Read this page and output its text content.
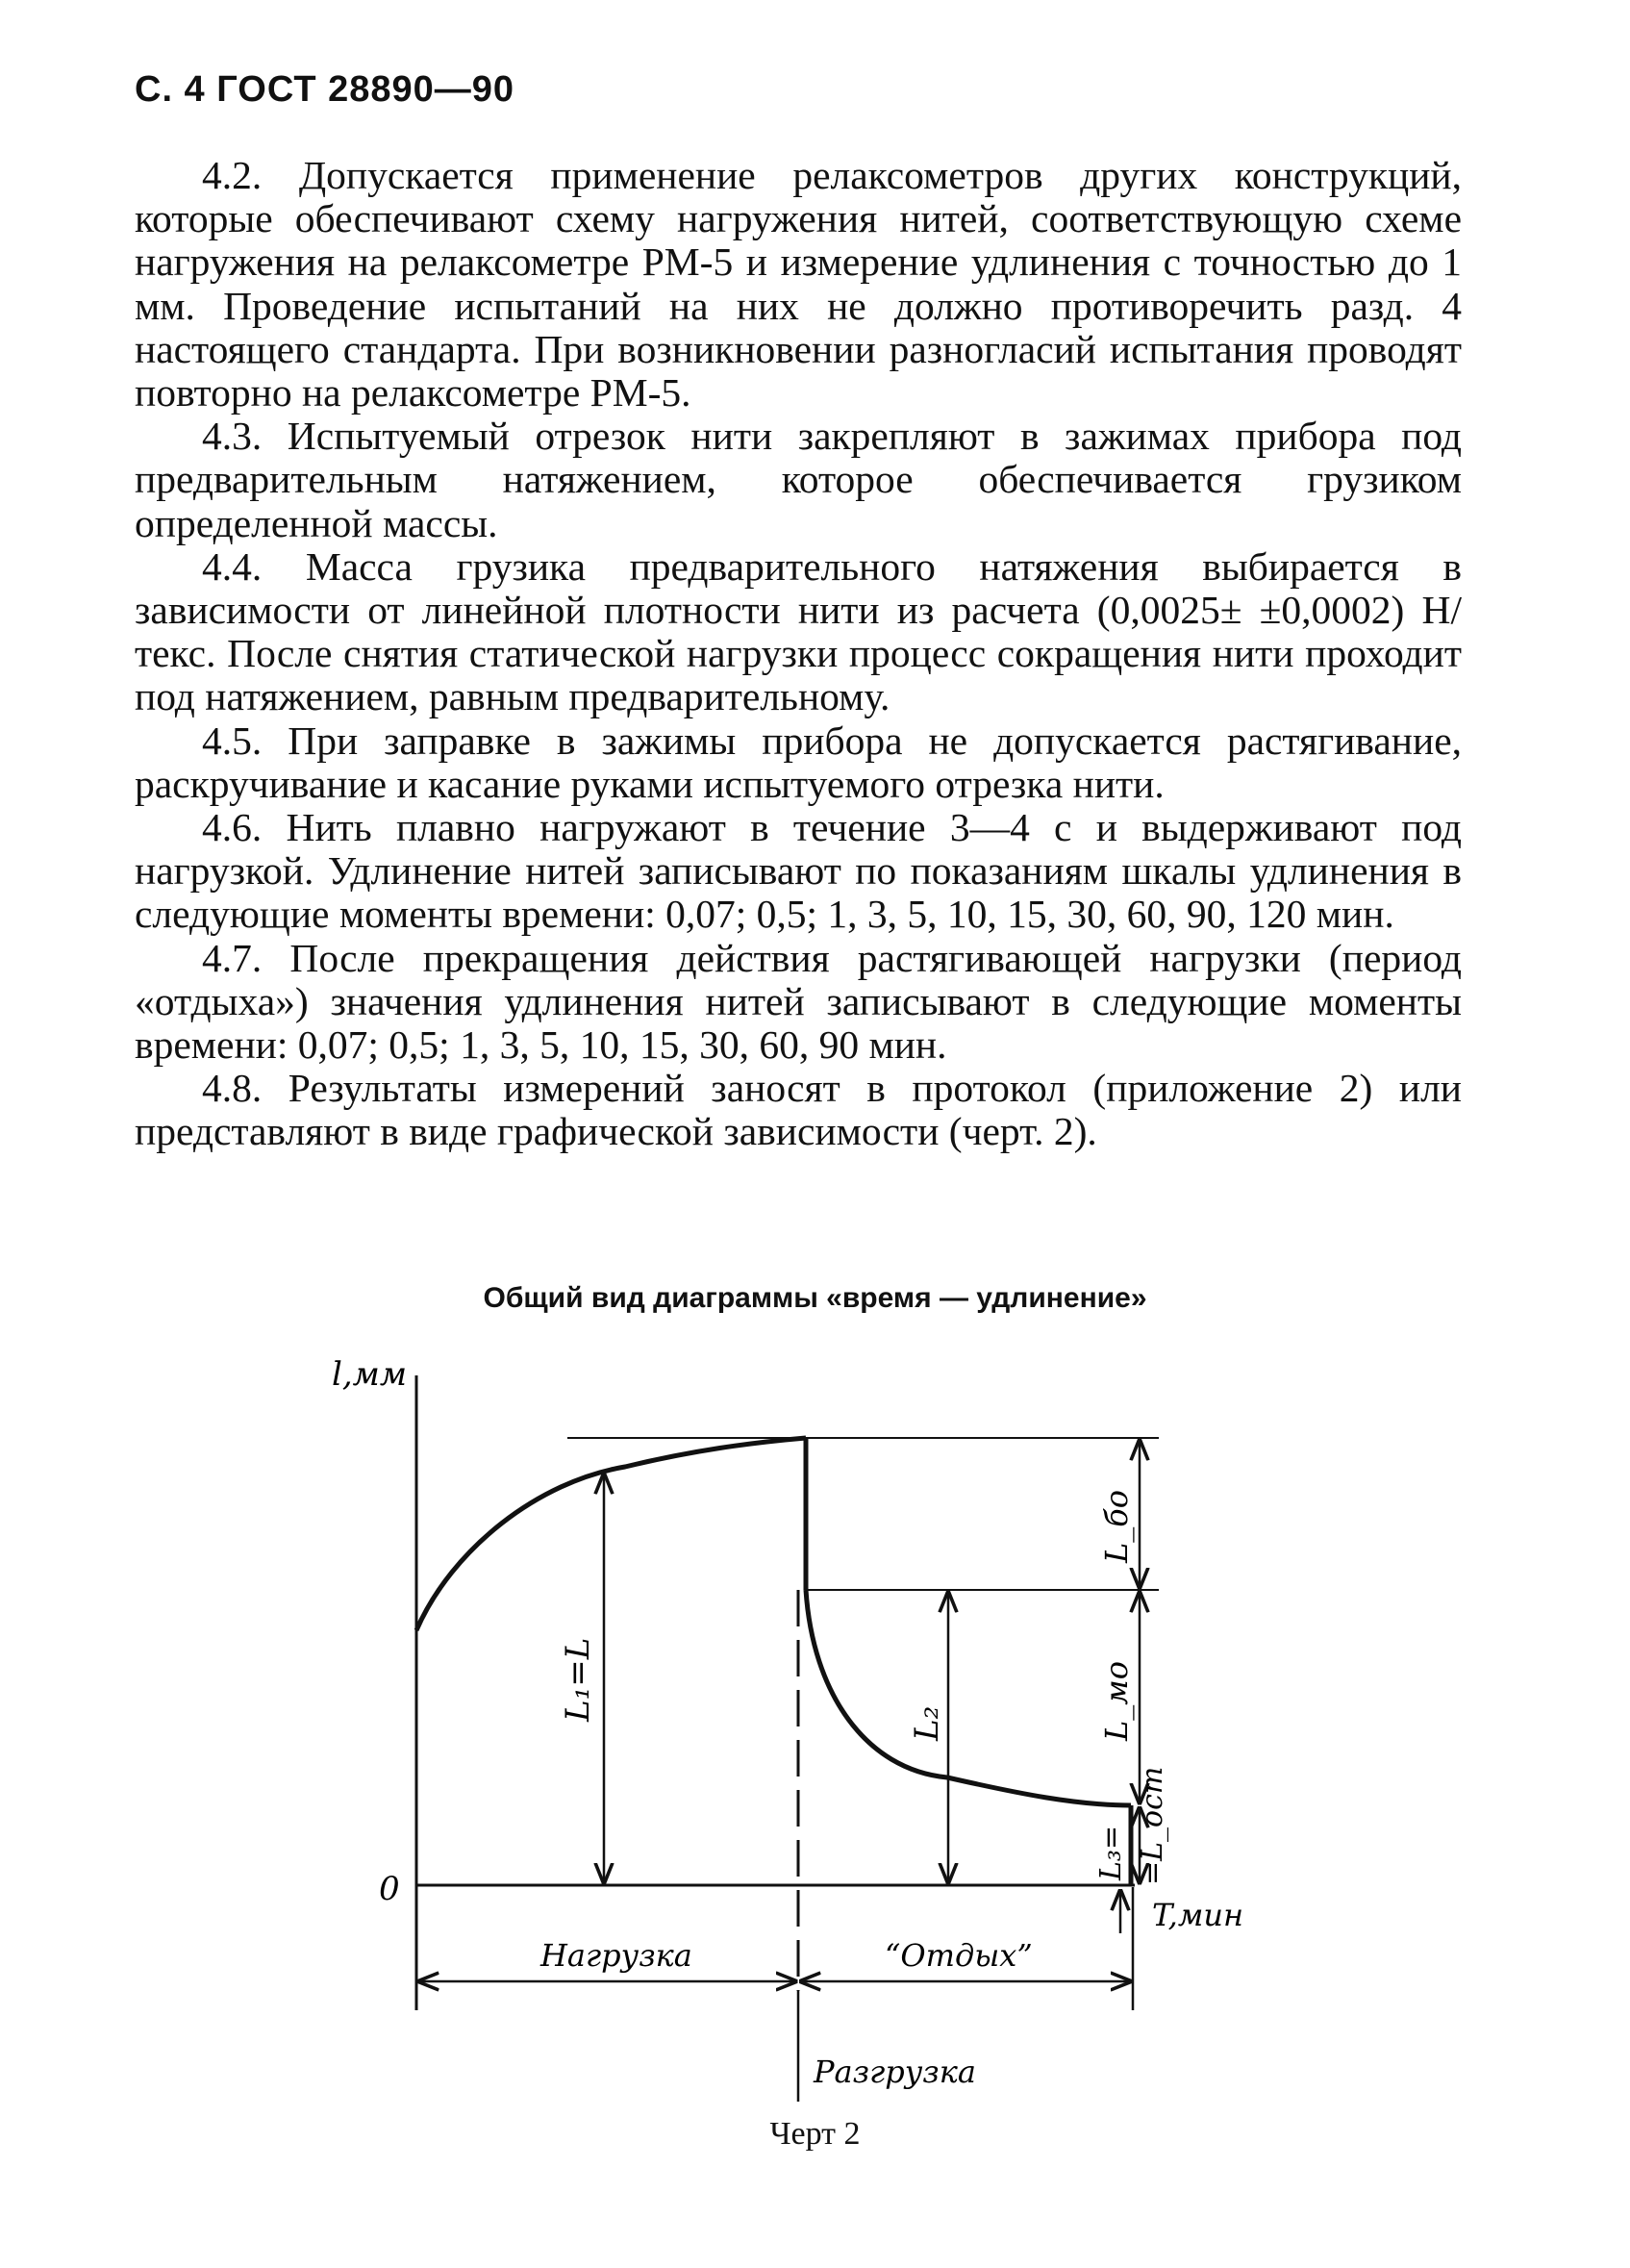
С. 4 ГОСТ 28890—90

4.2. Допускается применение релаксометров других конструкций, которые обеспечивают схему нагружения нитей, соответствующую схеме нагружения на релаксометре РМ-5 и измерение удлинения с точностью до 1 мм. Проведение испытаний на них не должно противоречить разд. 4 настоящего стандарта. При возникновении разногласий испытания проводят повторно на релаксометре РМ-5.

4.3. Испытуемый отрезок нити закрепляют в зажимах прибора под предварительным натяжением, которое обеспечивается грузиком определенной массы.

4.4. Масса грузика предварительного натяжения выбирается в зависимости от линейной плотности нити из расчета (0,0025± ±0,0002) Н/текс. После снятия статической нагрузки процесс сокращения нити проходит под натяжением, равным предварительному.

4.5. При заправке в зажимы прибора не допускается растягивание, раскручивание и касание руками испытуемого отрезка нити.

4.6. Нить плавно нагружают в течение 3—4 с и выдерживают под нагрузкой. Удлинение нитей записывают по показаниям шкалы удлинения в следующие моменты времени: 0,07; 0,5; 1, 3, 5, 10, 15, 30, 60, 90, 120 мин.

4.7. После прекращения действия растягивающей нагрузки (период «отдыха») значения удлинения нитей записывают в следующие моменты времени: 0,07; 0,5; 1, 3, 5, 10, 15, 30, 60, 90 мин.

4.8. Результаты измерений заносят в протокол (приложение 2) или представляют в виде графической зависимости (черт. 2).

Общий вид диаграммы «время — удлинение»
l,мм
0
T,мин
L₁=L
L₂
L_бо
L_мо
L₃= =L_ост
Нагрузка	“Отдых”
Разгрузка
Черт 2
